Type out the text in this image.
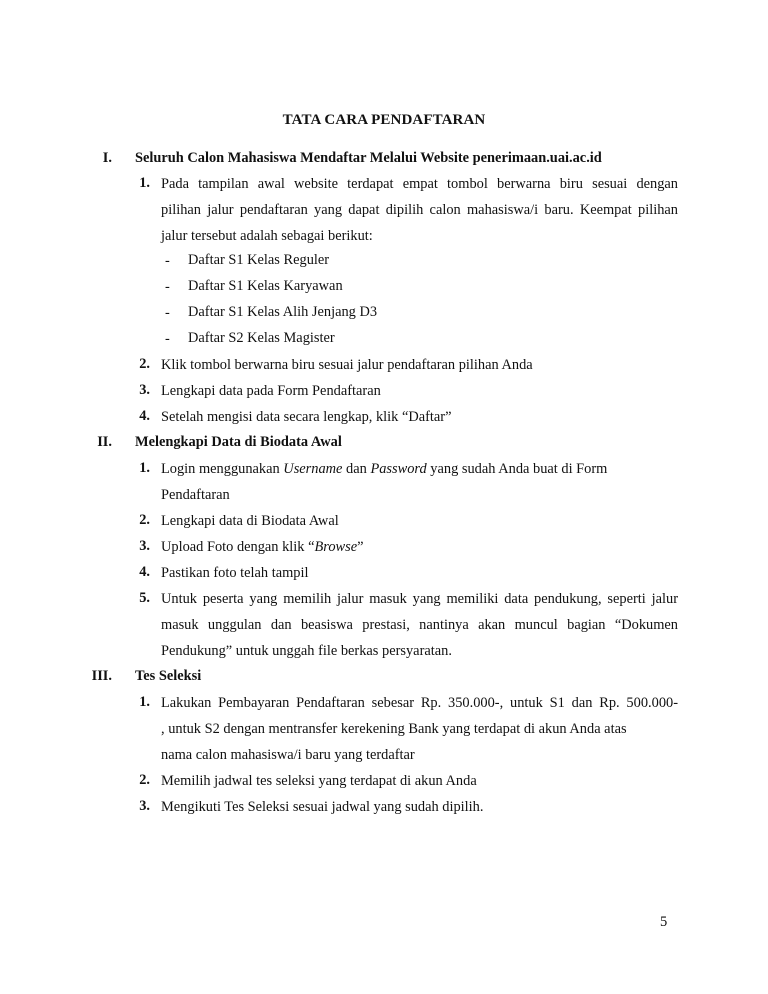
TATA CARA PENDAFTARAN
I. Seluruh Calon Mahasiswa Mendaftar Melalui Website penerimaan.uai.ac.id
1. Pada tampilan awal website terdapat empat tombol berwarna biru sesuai dengan
pilihan jalur pendaftaran yang dapat dipilih calon mahasiswa/i baru. Keempat pilihan
jalur tersebut adalah sebagai berikut:
- Daftar S1 Kelas Reguler
- Daftar S1 Kelas Karyawan
- Daftar S1 Kelas Alih Jenjang D3
- Daftar S2 Kelas Magister
2. Klik tombol berwarna biru sesuai jalur pendaftaran pilihan Anda
3. Lengkapi data pada Form Pendaftaran
4. Setelah mengisi data secara lengkap, klik “Daftar”
II. Melengkapi Data di Biodata Awal
1. Login menggunakan Username dan Password yang sudah Anda buat di Form
Pendaftaran
2. Lengkapi data di Biodata Awal
3. Upload Foto dengan klik “Browse”
4. Pastikan foto telah tampil
5. Untuk peserta yang memilih jalur masuk yang memiliki data pendukung, seperti jalur
masuk unggulan dan beasiswa prestasi, nantinya akan muncul bagian “Dokumen
Pendukung” untuk unggah file berkas persyaratan.
III. Tes Seleksi
1. Lakukan Pembayaran Pendaftaran sebesar Rp. 350.000-, untuk S1 dan Rp. 500.000-
, untuk S2 dengan mentransfer kerekening Bank yang terdapat di akun Anda atas
nama calon mahasiswa/i baru yang terdaftar
2. Memilih jadwal tes seleksi yang terdapat di akun Anda
3. Mengikuti Tes Seleksi sesuai jadwal yang sudah dipilih.
5
